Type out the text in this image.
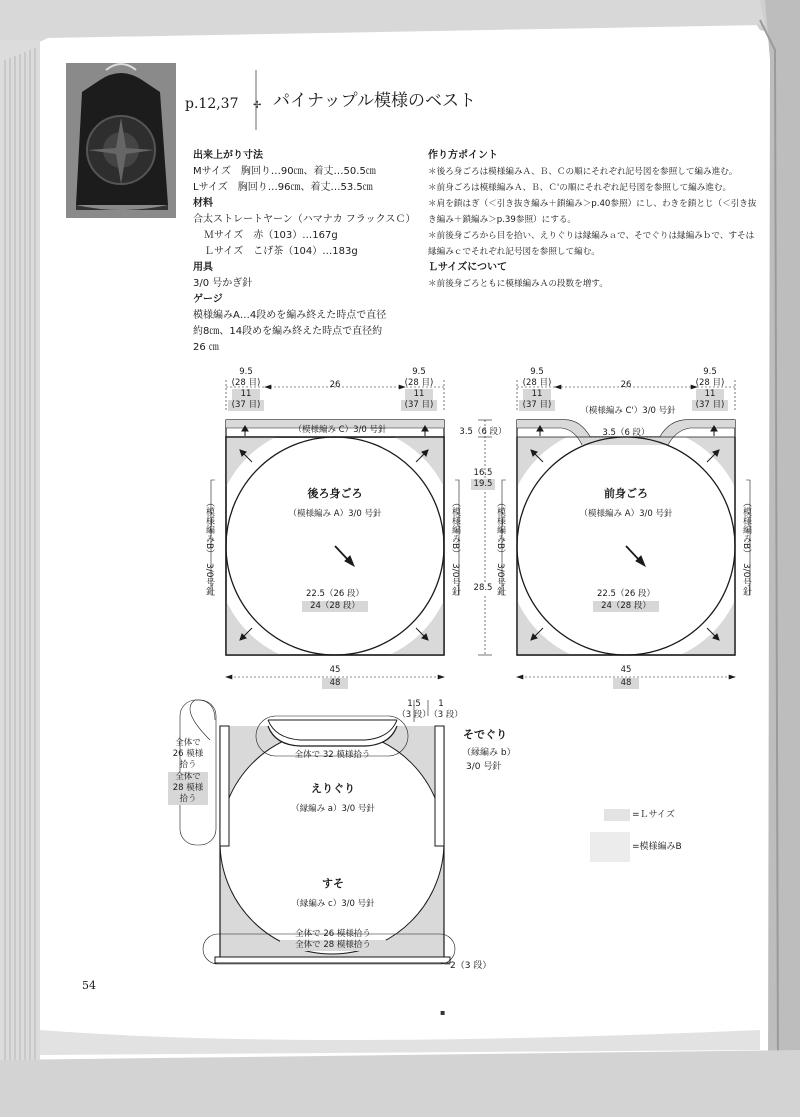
✢
▪
p.12,37 パイナップル模様のベスト
出来上がり寸法
Mサイズ　胸回り…90㎝、着丈…50.5㎝
Lサイズ　胸回り…96㎝、着丈…53.5㎝
材料
合太ストレートヤーン（ハマナカ フラックスＣ）
Ｍサイズ　赤（103）…167g
Ｌサイズ　こげ茶（104）…183g
用具
3/0 号かぎ針
ゲージ
模様編みA…4段めを編み終えた時点で直径
約8㎝、14段めを編み終えた時点で直径約
26 ㎝
作り方ポイント
＊後ろ身ごろは模様編みＡ、Ｂ、Ｃの順にそれぞれ記号図を参照して編み進む。
＊前身ごろは模様編みＡ、Ｂ、Ｃ'の順にそれぞれ記号図を参照して編み進む。
＊肩を鎖はぎ（＜引き抜き編み＋鎖編み＞p.40参照）にし、わきを鎖とじ（＜引き抜
き編み＋鎖編み＞p.39参照）にする。
＊前後身ごろから目を拾い、えりぐりは縁編みａで、そでぐりは縁編みｂで、すそは
縁編みｃでそれぞれ記号図を参照して編む。
Ｌサイズについて
＊前後身ごろともに模様編みＡの段数を増す。
9.5
(28 目)
11
(37 目)
26
9.5
(28 目)
11
(37 目)
（模様編み C）3/0 号針
後ろ身ごろ
（模様編み A）3/0 号針
（模様編みB）
3/0号針
（模様編みB）
3/0号針
22.5（26 段）
24（28 段）
45
48
3.5（6 段）
16.5
19.5
28.5
9.5
(28 目)
11
(37 目)
26
9.5
(28 目)
11
(37 目)
（模様編み C'）3/0 号針
3.5（6 段）
前身ごろ
（模様編み A）3/0 号針
（模様編みB）
3/0号針
（模様編みB）
3/0号針
22.5（26 段）
24（28 段）
45
48
1.5
（3 段）
1
（3 段）
そでぐり
（縁編み b）
3/0 号針
全体で
26 模様
拾う
全体で
28 模様
拾う
全体で 32 模様拾う
えりぐり
（縁編み a）3/0 号針
すそ
（縁編み c）3/0 号針
全体で 26 模様拾う
全体で 28 模様拾う
2（3 段）
=Ｌサイズ
=模様編みB
54
